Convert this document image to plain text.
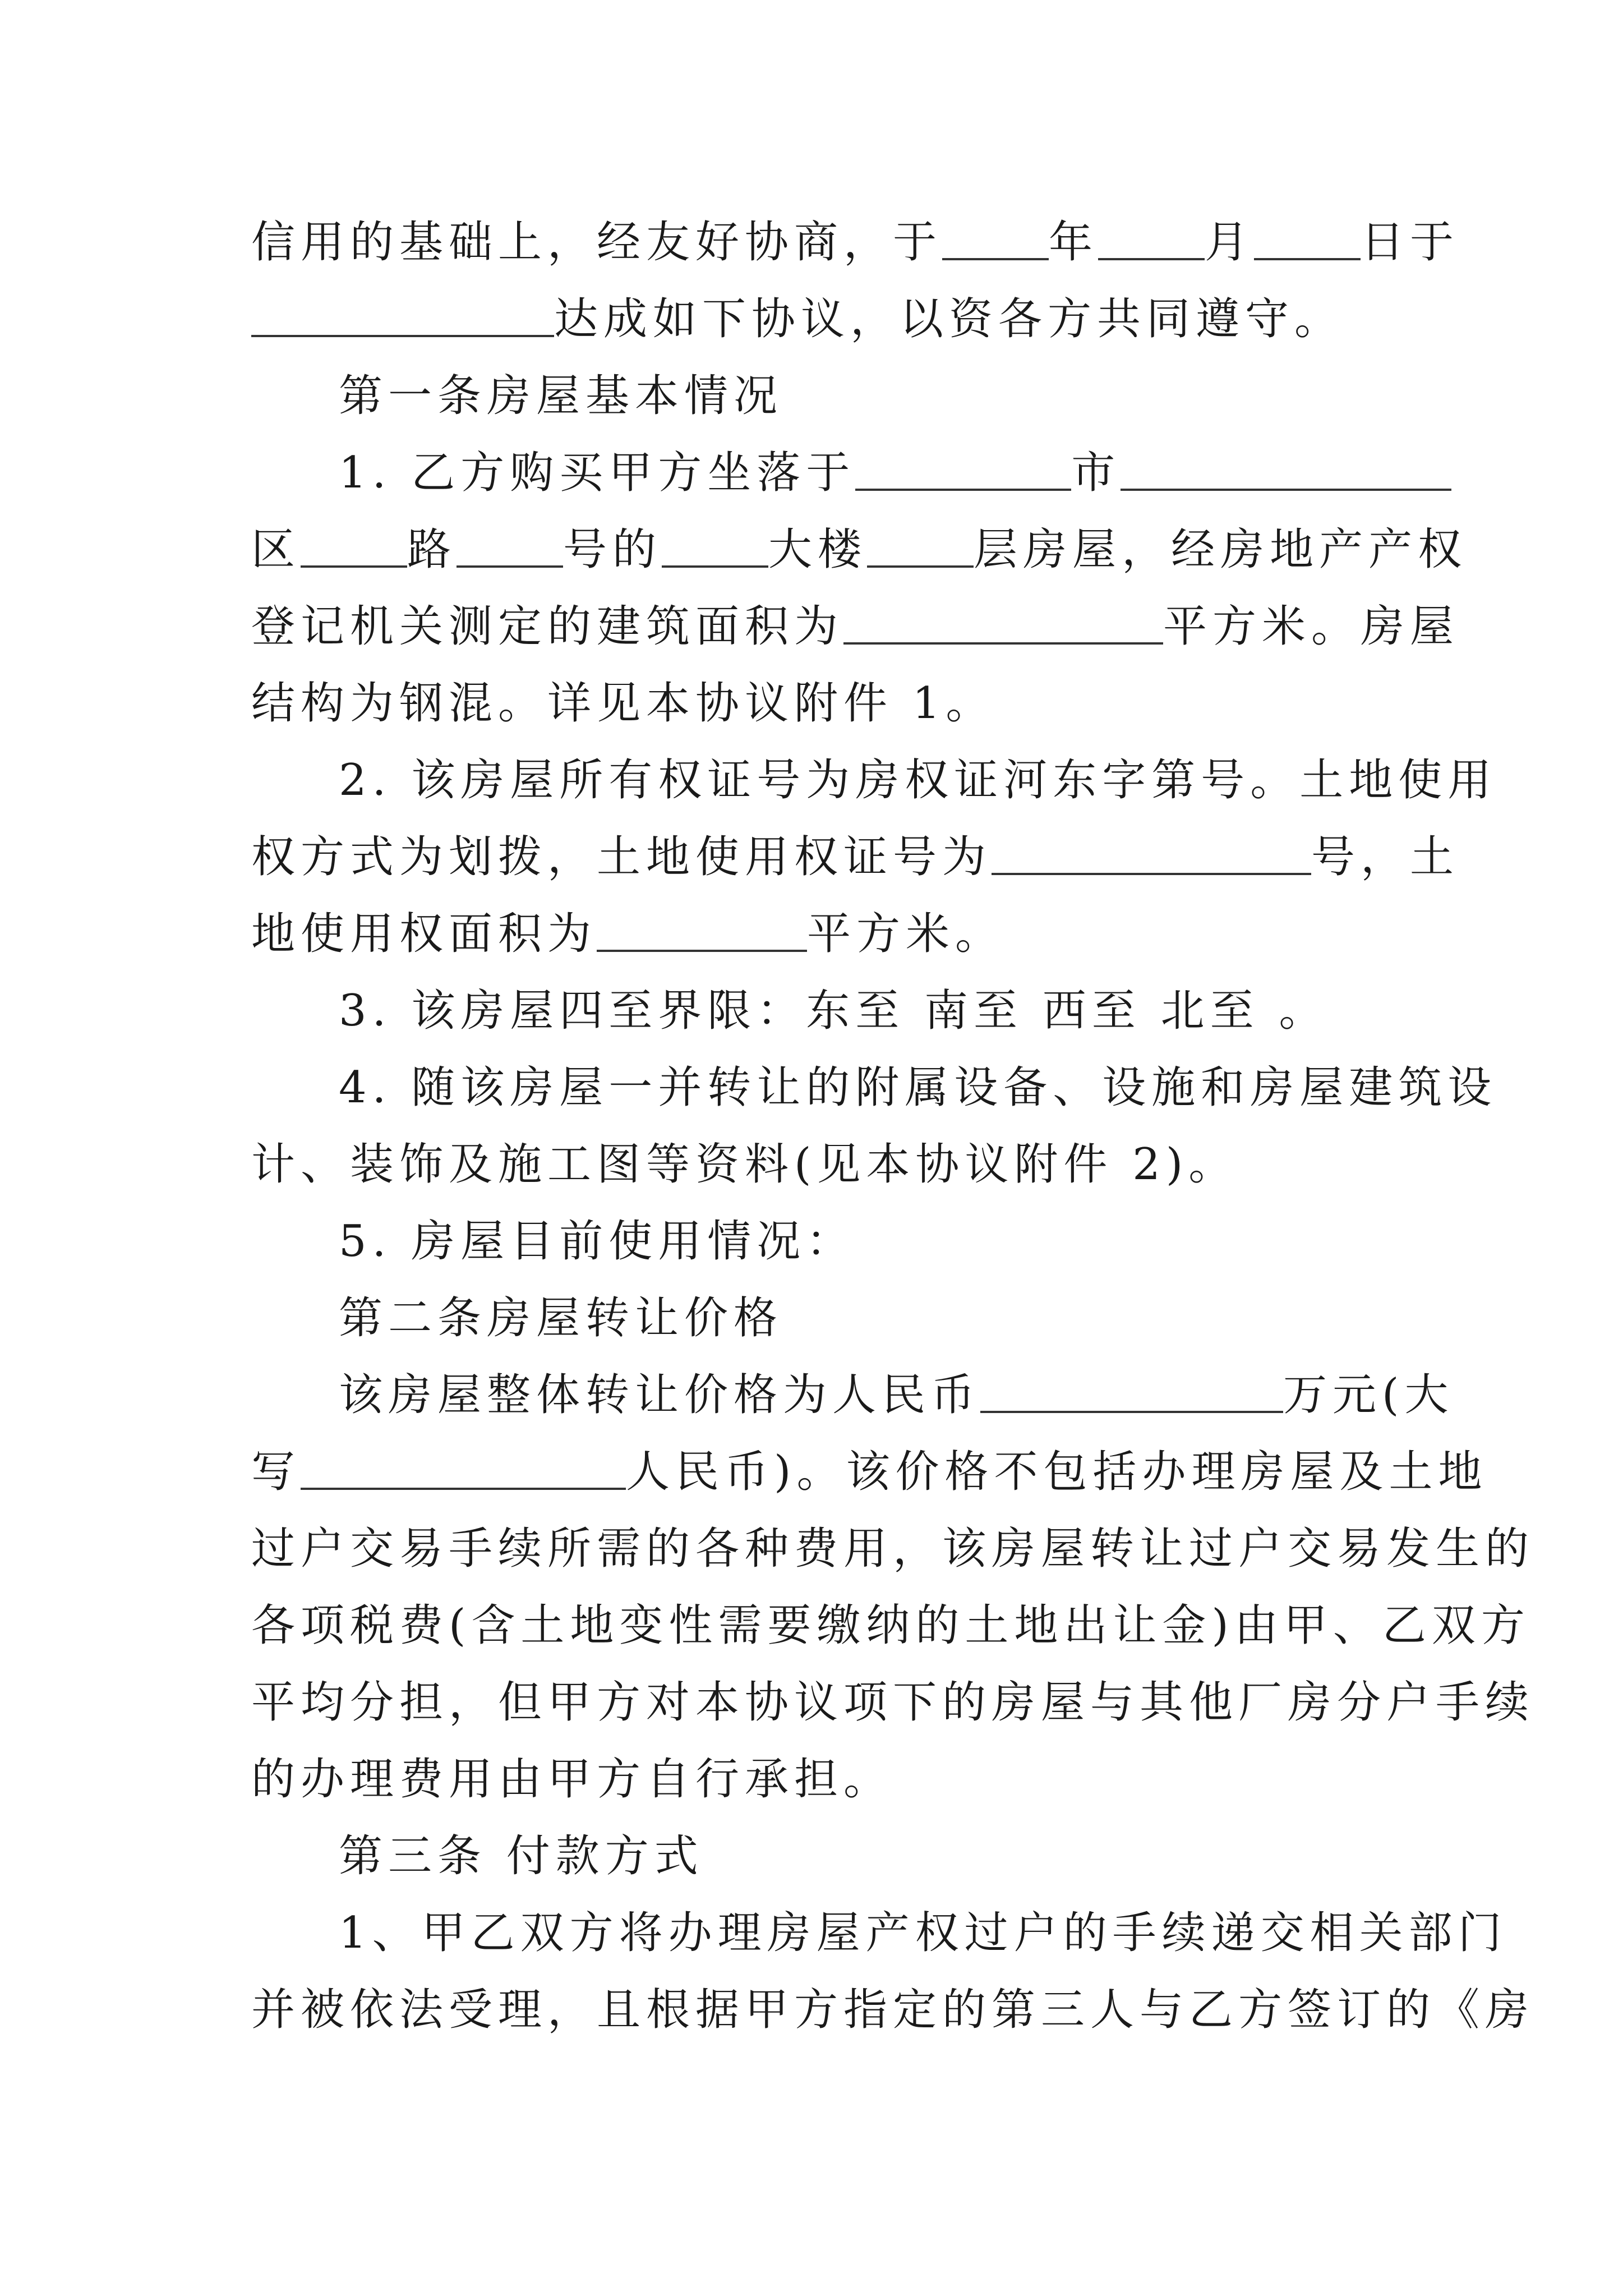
信用的基础上，经友好协商，于 年 月 日于
达成如下协议，以资各方共同遵守。
第一条房屋基本情况
1. 乙方购买甲方坐落于	市
区 路 号的 大楼 层房屋，经房地产产权
登记机关测定的建筑面积为	平方米。房屋
结构为钢混。详见本协议附件 1。
2. 该房屋所有权证号为房权证河东字第号。土地使用
权方式为划拨，土地使用权证号为	号，土
地使用权面积为	平方米。
3. 该房屋四至界限：东至 南至 西至 北至 。
4. 随该房屋一并转让的附属设备、设施和房屋建筑设
计、装饰及施工图等资料(见本协议附件 2)。
5. 房屋目前使用情况：
第二条房屋转让价格
该房屋整体转让价格为人民币	万元(大
写	人民币)。该价格不包括办理房屋及土地
过户交易手续所需的各种费用，该房屋转让过户交易发生的
各项税费(含土地变性需要缴纳的土地出让金)由甲、乙双方
平均分担，但甲方对本协议项下的房屋与其他厂房分户手续
的办理费用由甲方自行承担。
第三条 付款方式
1、甲乙双方将办理房屋产权过户的手续递交相关部门
并被依法受理，且根据甲方指定的第三人与乙方签订的《房
